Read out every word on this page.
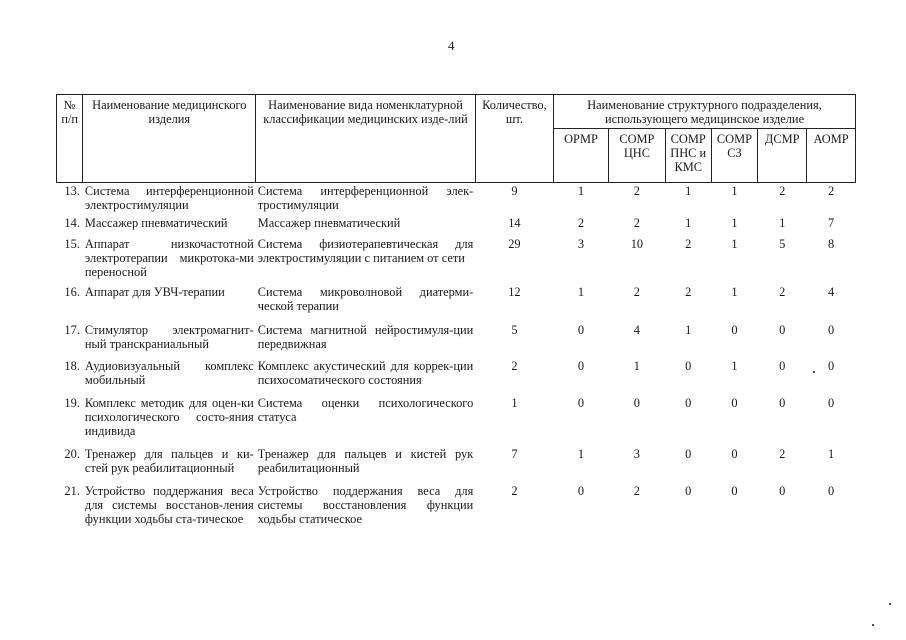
4
№ п/п	Наименование медицинского изделия	Наименование вида номенклатурной классификации медицинских изде-лий	Количество, шт.	Наименование структурного подразделения, использующего медицинское изделие					
				ОРМР	СОМР ЦНС	СОМР ПНС и КМС	СОМР СЗ	ДСМР	АОМР
13.	Система интерференционной электростимуляции	Система интерференционной элек-тростимуляции	9	1	2	1	1	2	2
14.	Массажер пневматический	Массажер пневматический	14	2	2	1	1	1	7
15.	Аппарат низкочастотной электротерапии микротока-ми переносной	Система физиотерапевтическая для электростимуляции с питанием от сети	29	3	10	2	1	5	8
16.	Аппарат для УВЧ-терапии	Система микроволновой диатерми-ческой терапии	12	1	2	2	1	2	4
17.	Стимулятор электромагнит-ный транскраниальный	Система магнитной нейростимуля-ции передвижная	5	0	4	1	0	0	0
18.	Аудиовизуальный комплекс мобильный	Комплекс акустический для коррек-ции психосоматического состояния	2	0	1	0	1	0	0
19.	Комплекс методик для оцен-ки психологического состо-яния индивида	Система оценки психологического статуса	1	0	0	0	0	0	0
20.	Тренажер для пальцев и ки-стей рук реабилитационный	Тренажер для пальцев и кистей рук реабилитационный	7	1	3	0	0	2	1
21.	Устройство поддержания веса для системы восстанов-ления функции ходьбы ста-тическое	Устройство поддержания веса для системы восстановления функции ходьбы статическое	2	0	2	0	0	0	0
